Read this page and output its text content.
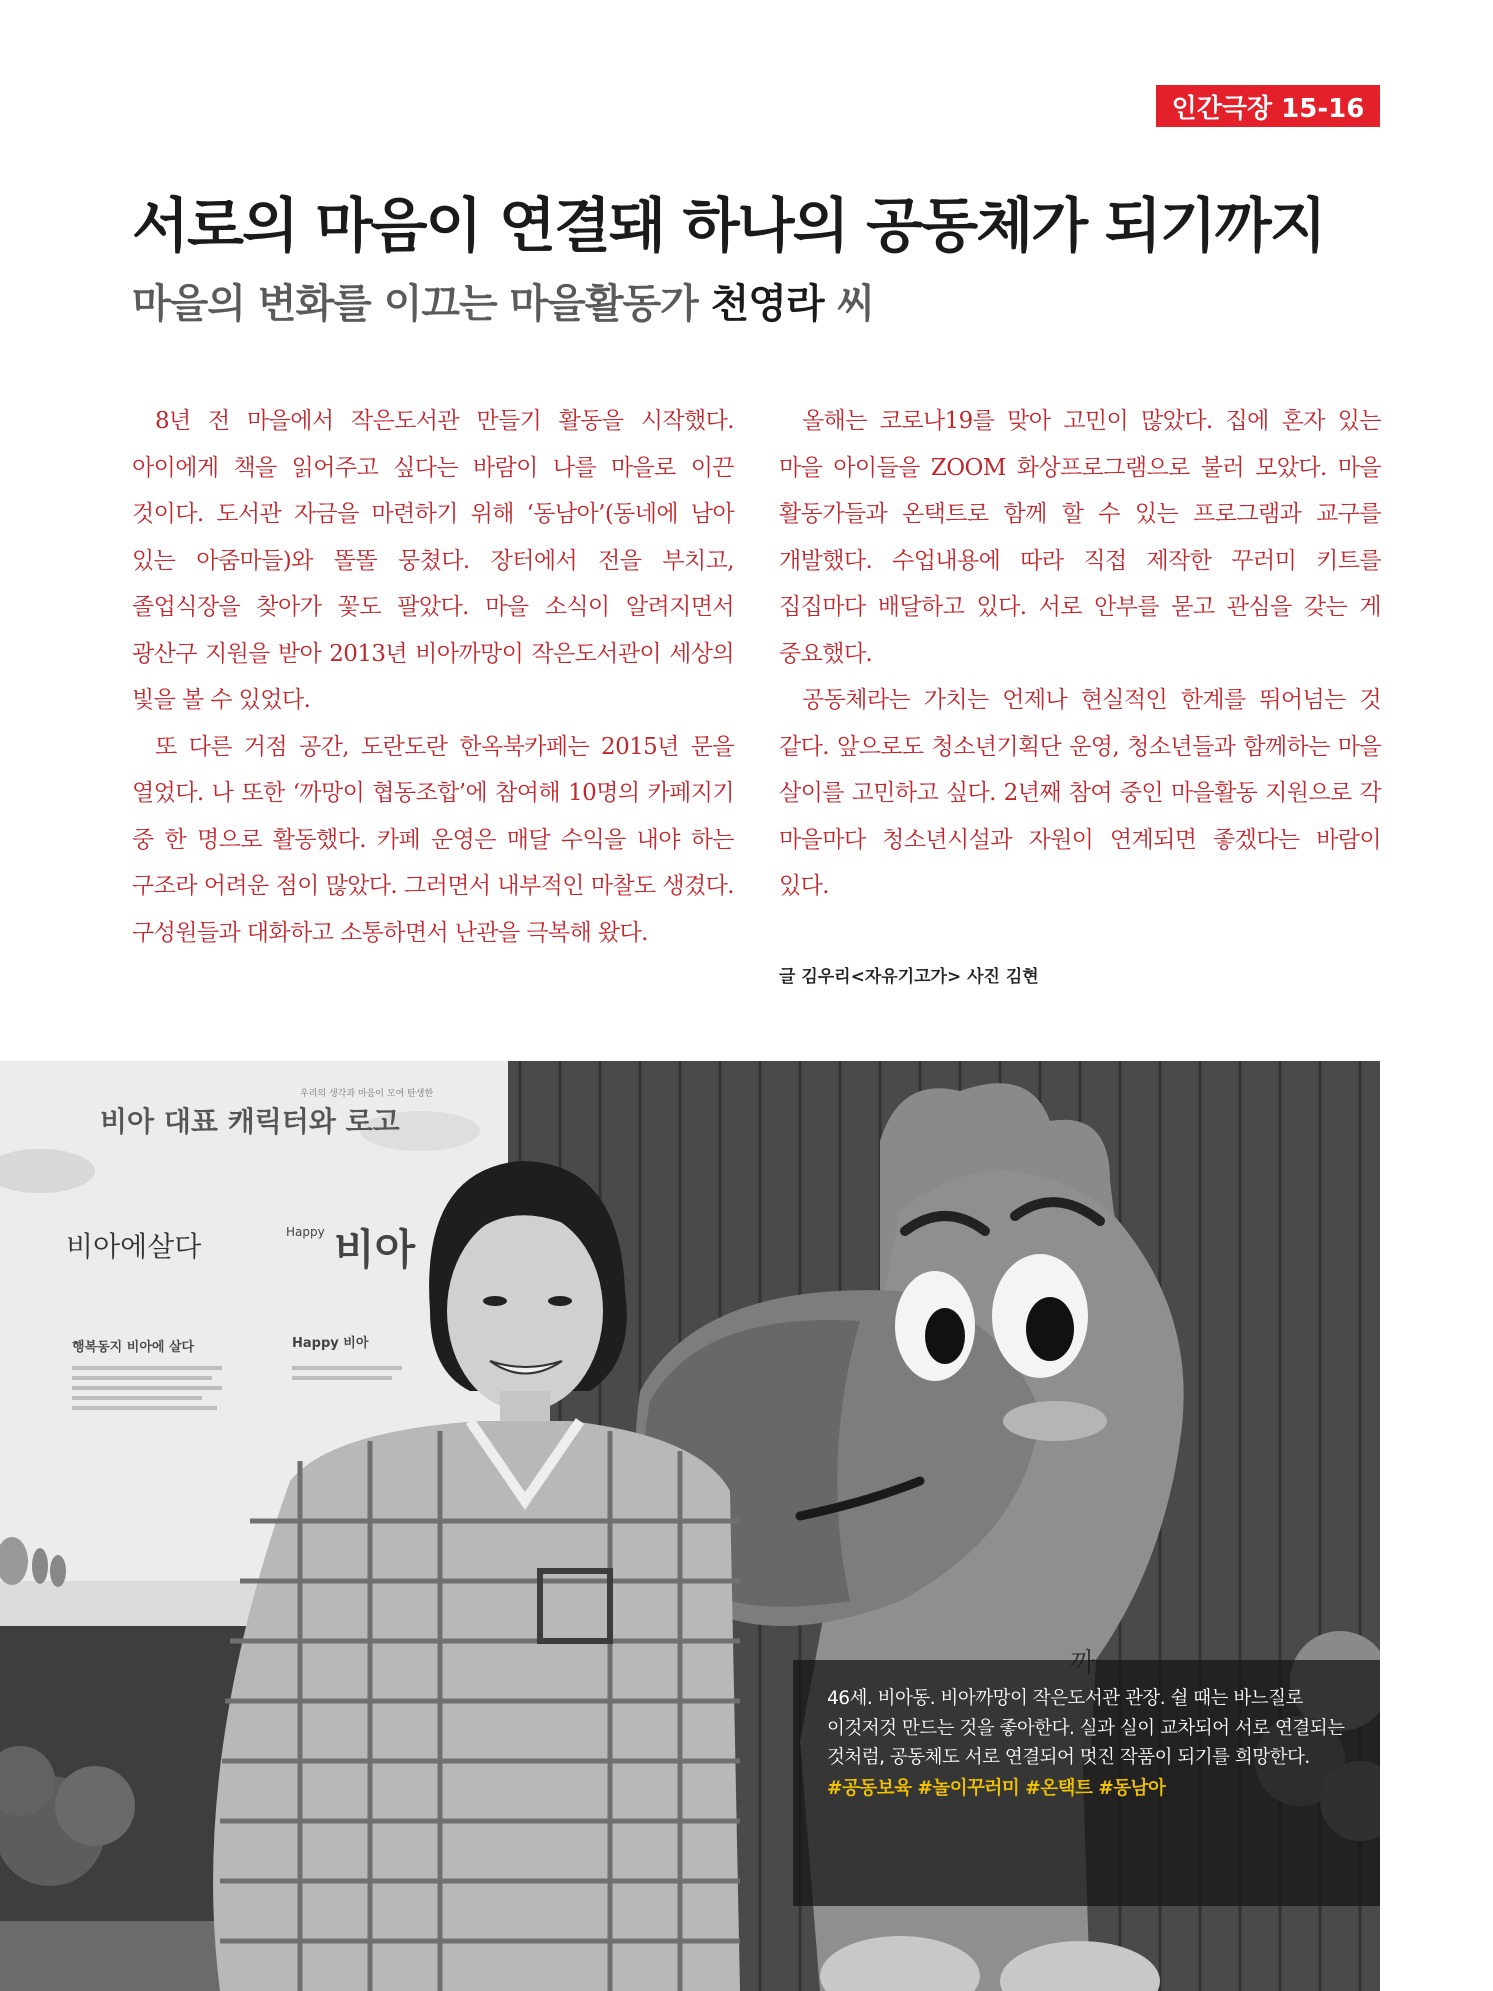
인간극장 15-16
서로의 마음이 연결돼 하나의 공동체가 되기까지
마을의 변화를 이끄는 마을활동가 천영라 씨

8년 전 마을에서 작은도서관 만들기 활동을 시작했다. 아이에게 책을 읽어주고 싶다는 바람이 나를 마을로 이끈 것이다. 도서관 자금을 마련하기 위해 ‘동남아’(동네에 남아 있는 아줌마들)와 똘똘 뭉쳤다. 장터에서 전을 부치고, 졸업식장을 찾아가 꽃도 팔았다. 마을 소식이 알려지면서 광산구 지원을 받아 2013년 비아까망이 작은도서관이 세상의 빛을 볼 수 있었다.

또 다른 거점 공간, 도란도란 한옥북카페는 2015년 문을 열었다. 나 또한 ‘까망이 협동조합’에 참여해 10명의 카페지기 중 한 명으로 활동했다. 카페 운영은 매달 수익을 내야 하는 구조라 어려운 점이 많았다. 그러면서 내부적인 마찰도 생겼다. 구성원들과 대화하고 소통하면서 난관을 극복해 왔다.

올해는 코로나19를 맞아 고민이 많았다. 집에 혼자 있는 마을 아이들을 ZOOM 화상프로그램으로 불러 모았다. 마을 활동가들과 온택트로 함께 할 수 있는 프로그램과 교구를 개발했다. 수업내용에 따라 직접 제작한 꾸러미 키트를 집집마다 배달하고 있다. 서로 안부를 묻고 관심을 갖는 게 중요했다.

공동체라는 가치는 언제나 현실적인 한계를 뛰어넘는 것 같다. 앞으로도 청소년기획단 운영, 청소년들과 함께하는 마을 살이를 고민하고 싶다. 2년째 참여 중인 마을활동 지원으로 각 마을마다 청소년시설과 자원이 연계되면 좋겠다는 바람이 있다.

글 김우리<자유기고가> 사진 김현
우리의 생각과 마음이 모여 탄생한
비아 대표 캐릭터와 로고
비아에살다	Happy 비아
행복동지 비아에 살다	Happy 비아

46세. 비아동. 비아까망이 작은도서관 관장. 쉴 때는 바느질로 이것저것 만드는 것을 좋아한다. 실과 실이 교차되어 서로 연결되는 것처럼, 공동체도 서로 연결되어 멋진 작품이 되기를 희망한다.

#공동보육 #놀이꾸러미 #온택트 #동남아
